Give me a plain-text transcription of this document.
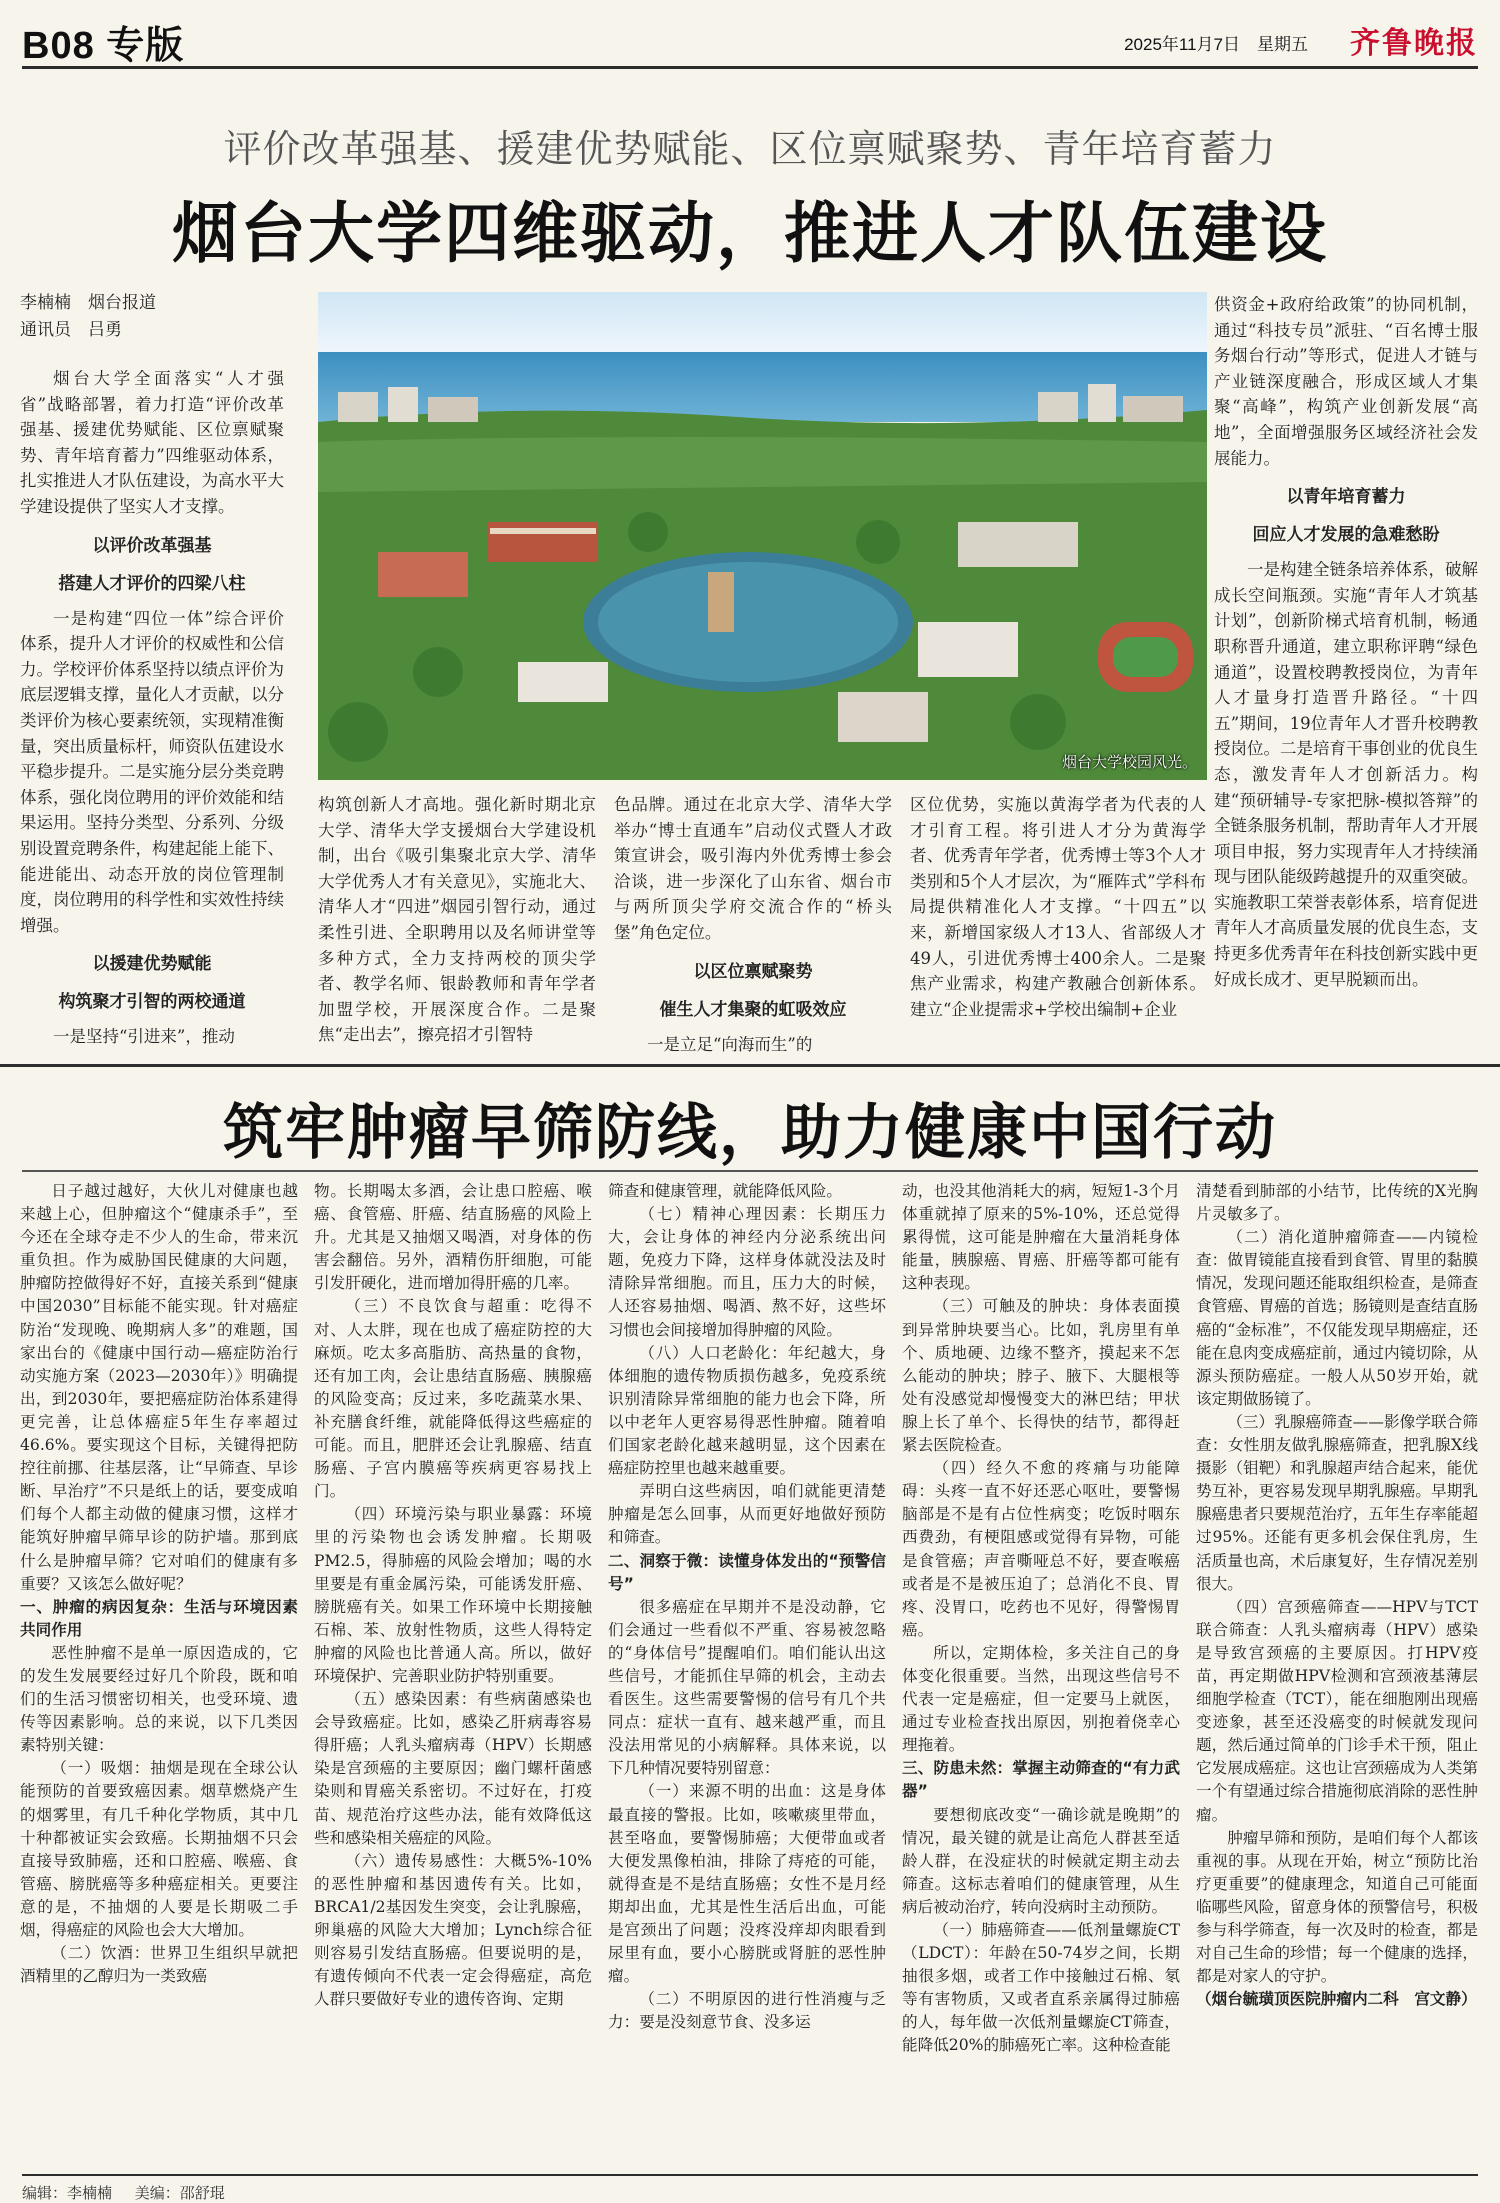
B08 专版	2025年11月7日　星期五 齐鲁晚报
评价改革强基、援建优势赋能、区位禀赋聚势、青年培育蓄力
烟台大学四维驱动，推进人才队伍建设

李楠楠　烟台报道

通讯员　吕勇

烟台大学全面落实“人才强省”战略部署，着力打造“评价改革强基、援建优势赋能、区位禀赋聚势、青年培育蓄力”四维驱动体系，扎实推进人才队伍建设，为高水平大学建设提供了坚实人才支撑。

以评价改革强基

搭建人才评价的四梁八柱

一是构建“四位一体”综合评价体系，提升人才评价的权威性和公信力。学校评价体系坚持以绩点评价为底层逻辑支撑，量化人才贡献，以分类评价为核心要素统领，实现精准衡量，突出质量标杆，师资队伍建设水平稳步提升。二是实施分层分类竞聘体系，强化岗位聘用的评价效能和结果运用。坚持分类型、分系列、分级别设置竞聘条件，构建起能上能下、能进能出、动态开放的岗位管理制度，岗位聘用的科学性和实效性持续增强。

以援建优势赋能

构筑聚才引智的两校通道

一是坚持“引进来”，推动

烟台大学校园风光。

构筑创新人才高地。强化新时期北京大学、清华大学支援烟台大学建设机制，出台《吸引集聚北京大学、清华大学优秀人才有关意见》，实施北大、清华人才“四进”烟园引智行动，通过柔性引进、全职聘用以及名师讲堂等多种方式，全力支持两校的顶尖学者、教学名师、银龄教师和青年学者加盟学校，开展深度合作。二是聚焦“走出去”，擦亮招才引智特

色品牌。通过在北京大学、清华大学举办“博士直通车”启动仪式暨人才政策宣讲会，吸引海内外优秀博士参会洽谈，进一步深化了山东省、烟台市与两所顶尖学府交流合作的“桥头堡”角色定位。

以区位禀赋聚势

催生人才集聚的虹吸效应

一是立足“向海而生”的

区位优势，实施以黄海学者为代表的人才引育工程。将引进人才分为黄海学者、优秀青年学者，优秀博士等3个人才类别和5个人才层次，为“雁阵式”学科布局提供精准化人才支撑。“十四五”以来，新增国家级人才13人、省部级人才49人，引进优秀博士400余人。二是聚焦产业需求，构建产教融合创新体系。建立“企业提需求+学校出编制+企业

供资金+政府给政策”的协同机制，通过“科技专员”派驻、“百名博士服务烟台行动”等形式，促进人才链与产业链深度融合，形成区域人才集聚“高峰”，构筑产业创新发展“高地”，全面增强服务区域经济社会发展能力。

以青年培育蓄力

回应人才发展的急难愁盼

一是构建全链条培养体系，破解成长空间瓶颈。实施“青年人才筑基计划”，创新阶梯式培育机制，畅通职称晋升通道，建立职称评聘“绿色通道”，设置校聘教授岗位，为青年人才量身打造晋升路径。“十四五”期间，19位青年人才晋升校聘教授岗位。二是培育干事创业的优良生态，激发青年人才创新活力。构建“预研辅导-专家把脉-模拟答辩”的全链条服务机制，帮助青年人才开展项目申报，努力实现青年人才持续涌现与团队能级跨越提升的双重突破。实施教职工荣誉表彰体系，培育促进青年人才高质量发展的优良生态，支持更多优秀青年在科技创新实践中更好成长成才、更早脱颖而出。

筑牢肿瘤早筛防线，助力健康中国行动

日子越过越好，大伙儿对健康也越来越上心，但肿瘤这个“健康杀手”，至今还在全球夺走不少人的生命，带来沉重负担。作为威胁国民健康的大问题，肿瘤防控做得好不好，直接关系到“健康中国2030”目标能不能实现。针对癌症防治“发现晚、晚期病人多”的难题，国家出台的《健康中国行动—癌症防治行动实施方案（2023—2030年）》明确提出，到2030年，要把癌症防治体系建得更完善，让总体癌症5年生存率超过46.6%。要实现这个目标，关键得把防控往前挪、往基层落，让“早筛查、早诊断、早治疗”不只是纸上的话，要变成咱们每个人都主动做的健康习惯，这样才能筑好肿瘤早筛早诊的防护墙。那到底什么是肿瘤早筛？它对咱们的健康有多重要？又该怎么做好呢？

一、肿瘤的病因复杂：生活与环境因素共同作用

恶性肿瘤不是单一原因造成的，它的发生发展要经过好几个阶段，既和咱们的生活习惯密切相关，也受环境、遗传等因素影响。总的来说，以下几类因素特别关键：

（一）吸烟：抽烟是现在全球公认能预防的首要致癌因素。烟草燃烧产生的烟雾里，有几千种化学物质，其中几十种都被证实会致癌。长期抽烟不只会直接导致肺癌，还和口腔癌、喉癌、食管癌、膀胱癌等多种癌症相关。更要注意的是，不抽烟的人要是长期吸二手烟，得癌症的风险也会大大增加。

（二）饮酒：世界卫生组织早就把酒精里的乙醇归为一类致癌

物。长期喝太多酒，会让患口腔癌、喉癌、食管癌、肝癌、结直肠癌的风险上升。尤其是又抽烟又喝酒，对身体的伤害会翻倍。另外，酒精伤肝细胞，可能引发肝硬化，进而增加得肝癌的几率。

（三）不良饮食与超重：吃得不对、人太胖，现在也成了癌症防控的大麻烦。吃太多高脂肪、高热量的食物，还有加工肉，会让患结直肠癌、胰腺癌的风险变高；反过来，多吃蔬菜水果、补充膳食纤维，就能降低得这些癌症的可能。而且，肥胖还会让乳腺癌、结直肠癌、子宫内膜癌等疾病更容易找上门。

（四）环境污染与职业暴露：环境里的污染物也会诱发肿瘤。长期吸PM2.5，得肺癌的风险会增加；喝的水里要是有重金属污染，可能诱发肝癌、膀胱癌有关。如果工作环境中长期接触石棉、苯、放射性物质，这些人得特定肿瘤的风险也比普通人高。所以，做好环境保护、完善职业防护特别重要。

（五）感染因素：有些病菌感染也会导致癌症。比如，感染乙肝病毒容易得肝癌；人乳头瘤病毒（HPV）长期感染是宫颈癌的主要原因；幽门螺杆菌感染则和胃癌关系密切。不过好在，打疫苗、规范治疗这些办法，能有效降低这些和感染相关癌症的风险。

（六）遗传易感性：大概5%-10%的恶性肿瘤和基因遗传有关。比如，BRCA1/2基因发生突变，会让乳腺癌，卵巢癌的风险大大增加；Lynch综合征则容易引发结直肠癌。但要说明的是，有遗传倾向不代表一定会得癌症，高危人群只要做好专业的遗传咨询、定期

筛查和健康管理，就能降低风险。

（七）精神心理因素：长期压力大，会让身体的神经内分泌系统出问题，免疫力下降，这样身体就没法及时清除异常细胞。而且，压力大的时候，人还容易抽烟、喝酒、熬不好，这些坏习惯也会间接增加得肿瘤的风险。

（八）人口老龄化：年纪越大，身体细胞的遗传物质损伤越多，免疫系统识别清除异常细胞的能力也会下降，所以中老年人更容易得恶性肿瘤。随着咱们国家老龄化越来越明显，这个因素在癌症防控里也越来越重要。

弄明白这些病因，咱们就能更清楚肿瘤是怎么回事，从而更好地做好预防和筛查。

二、洞察于微：读懂身体发出的“预警信号”

很多癌症在早期并不是没动静，它们会通过一些看似不严重、容易被忽略的“身体信号”提醒咱们。咱们能认出这些信号，才能抓住早筛的机会，主动去看医生。这些需要警惕的信号有几个共同点：症状一直有、越来越严重，而且没法用常见的小病解释。具体来说，以下几种情况要特别留意：

（一）来源不明的出血：这是身体最直接的警报。比如，咳嗽痰里带血，甚至咯血，要警惕肺癌；大便带血或者大便发黑像柏油，排除了痔疮的可能，就得查是不是结直肠癌；女性不是月经期却出血，尤其是性生活后出血，可能是宫颈出了问题；没疼没痒却肉眼看到尿里有血，要小心膀胱或肾脏的恶性肿瘤。

（二）不明原因的进行性消瘦与乏力：要是没刻意节食、没多运

动，也没其他消耗大的病，短短1-3个月体重就掉了原来的5%-10%，还总觉得累得慌，这可能是肿瘤在大量消耗身体能量，胰腺癌、胃癌、肝癌等都可能有这种表现。

（三）可触及的肿块：身体表面摸到异常肿块要当心。比如，乳房里有单个、质地硬、边缘不整齐，摸起来不怎么能动的肿块；脖子、腋下、大腿根等处有没感觉却慢慢变大的淋巴结；甲状腺上长了单个、长得快的结节，都得赶紧去医院检查。

（四）经久不愈的疼痛与功能障碍：头疼一直不好还恶心呕吐，要警惕脑部是不是有占位性病变；吃饭时咽东西费劲，有梗阻感或觉得有异物，可能是食管癌；声音嘶哑总不好，要查喉癌或者是不是被压迫了；总消化不良、胃疼、没胃口，吃药也不见好，得警惕胃癌。

所以，定期体检，多关注自己的身体变化很重要。当然，出现这些信号不代表一定是癌症，但一定要马上就医，通过专业检查找出原因，别抱着侥幸心理拖着。

三、防患未然：掌握主动筛查的“有力武器”

要想彻底改变“一确诊就是晚期”的情况，最关键的就是让高危人群甚至适龄人群，在没症状的时候就定期主动去筛查。这标志着咱们的健康管理，从生病后被动治疗，转向没病时主动预防。

（一）肺癌筛查——低剂量螺旋CT（LDCT）：年龄在50-74岁之间，长期抽很多烟，或者工作中接触过石棉、氡等有害物质，又或者直系亲属得过肺癌的人，每年做一次低剂量螺旋CT筛查，能降低20%的肺癌死亡率。这种检查能

清楚看到肺部的小结节，比传统的X光胸片灵敏多了。

（二）消化道肿瘤筛查——内镜检查：做胃镜能直接看到食管、胃里的黏膜情况，发现问题还能取组织检查，是筛查食管癌、胃癌的首选；肠镜则是查结直肠癌的“金标准”，不仅能发现早期癌症，还能在息肉变成癌症前，通过内镜切除，从源头预防癌症。一般人从50岁开始，就该定期做肠镜了。

（三）乳腺癌筛查——影像学联合筛查：女性朋友做乳腺癌筛查，把乳腺X线摄影（钼靶）和乳腺超声结合起来，能优势互补，更容易发现早期乳腺癌。早期乳腺癌患者只要规范治疗，五年生存率能超过95%。还能有更多机会保住乳房，生活质量也高，术后康复好，生存情况差别很大。

（四）宫颈癌筛查——HPV与TCT联合筛查：人乳头瘤病毒（HPV）感染是导致宫颈癌的主要原因。打HPV疫苗，再定期做HPV检测和宫颈液基薄层细胞学检查（TCT），能在细胞刚出现癌变迹象，甚至还没癌变的时候就发现问题，然后通过简单的门诊手术干预，阻止它发展成癌症。这也让宫颈癌成为人类第一个有望通过综合措施彻底消除的恶性肿瘤。

肿瘤早筛和预防，是咱们每个人都该重视的事。从现在开始，树立“预防比治疗更重要”的健康理念，知道自己可能面临哪些风险，留意身体的预警信号，积极参与科学筛查，每一次及时的检查，都是对自己生命的珍惜；每一个健康的选择，都是对家人的守护。

（烟台毓璜顶医院肿瘤内二科　宫文静）

编辑：李楠楠 美编：邵舒琨
